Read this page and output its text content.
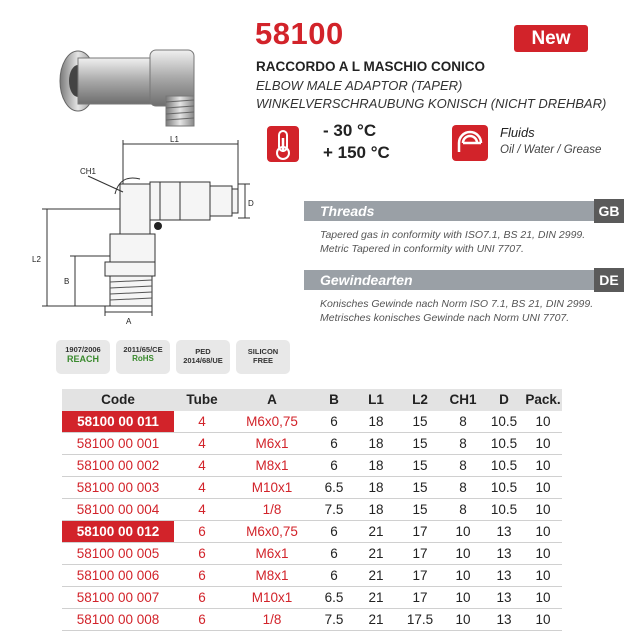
58100	New
RACCORDO A L MASCHIO CONICO
ELBOW MALE ADAPTOR (TAPER)
WINKELVERSCHRAUBUNG KONISCH (NICHT DREHBAR)
- 30 °C
+ 150 °C
Fluids
Oil / Water / Grease
L1
CH1
D
L2
B
A
Threads	GB
Tapered gas in conformity with ISO7.1, BS 21, DIN 2999.
Metric Tapered in conformity with UNI 7707.
Gewindearten	DE
Konisches Gewinde nach Norm ISO 7.1, BS 21, DIN 2999.
Metrisches konisches Gewinde nach Norm UNI 7707.
1907/2006
REACH
2011/65/CE
RoHS
PED
2014/68/UE
SILICON
FREE
Code	Tube	A	B	L1	L2	CH1	D	Pack.
58100 00 011	4	M6x0,75	6	18	15	8	10.5	10
58100 00 001	4	M6x1	6	18	15	8	10.5	10
58100 00 002	4	M8x1	6	18	15	8	10.5	10
58100 00 003	4	M10x1	6.5	18	15	8	10.5	10
58100 00 004	4	1/8	7.5	18	15	8	10.5	10
58100 00 012	6	M6x0,75	6	21	17	10	13	10
58100 00 005	6	M6x1	6	21	17	10	13	10
58100 00 006	6	M8x1	6	21	17	10	13	10
58100 00 007	6	M10x1	6.5	21	17	10	13	10
58100 00 008	6	1/8	7.5	21	17.5	10	13	10
